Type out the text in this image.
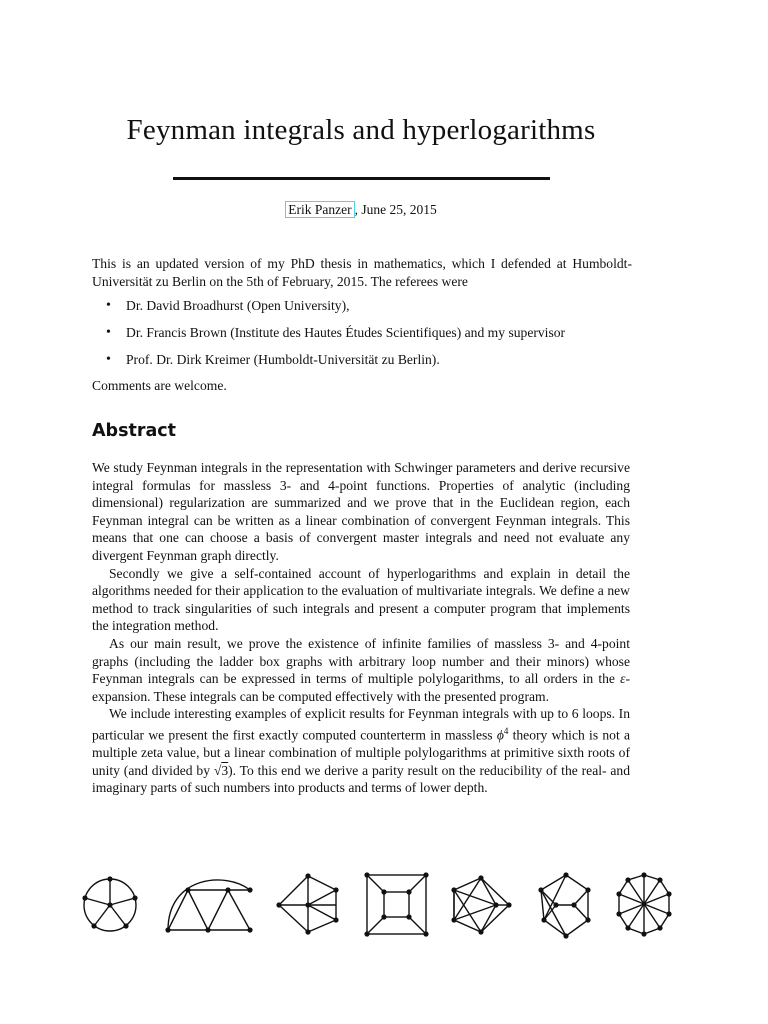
Feynman integrals and hyperlogarithms
Erik Panzer , June 25, 2015

This is an updated version of my PhD thesis in mathematics, which I defended at Humboldt-Universität zu Berlin on the 5th of February, 2015. The referees were

• Dr. David Broadhurst (Open University),
• Dr. Francis Brown (Institute des Hautes Études Scientifiques) and my supervisor
• Prof. Dr. Dirk Kreimer (Humboldt-Universität zu Berlin).

Comments are welcome.

Abstract

We study Feynman integrals in the representation with Schwinger parameters and derive recursive integral formulas for massless 3- and 4-point functions. Properties of analytic (including dimensional) regularization are summarized and we prove that in the Euclidean region, each Feynman integral can be written as a linear combination of convergent Feynman integrals. This means that one can choose a basis of convergent master integrals and need not evaluate any divergent Feynman graph directly.

Secondly we give a self-contained account of hyperlogarithms and explain in detail the algorithms needed for their application to the evaluation of multivariate integrals. We define a new method to track singularities of such integrals and present a computer program that implements the integration method.

As our main result, we prove the existence of infinite families of massless 3- and 4-point graphs (including the ladder box graphs with arbitrary loop number and their minors) whose Feynman integrals can be expressed in terms of multiple polylogarithms, to all orders in the ε-expansion. These integrals can be computed effectively with the presented program.

We include interesting examples of explicit results for Feynman integrals with up to 6 loops. In particular we present the first exactly computed counterterm in massless $\phi^4$ theory which is not a multiple zeta value, but a linear combination of multiple polylogarithms at primitive sixth roots of unity (and divided by √3). To this end we derive a parity result on the reducibility of the real- and imaginary parts of such numbers into products and terms of lower depth.
